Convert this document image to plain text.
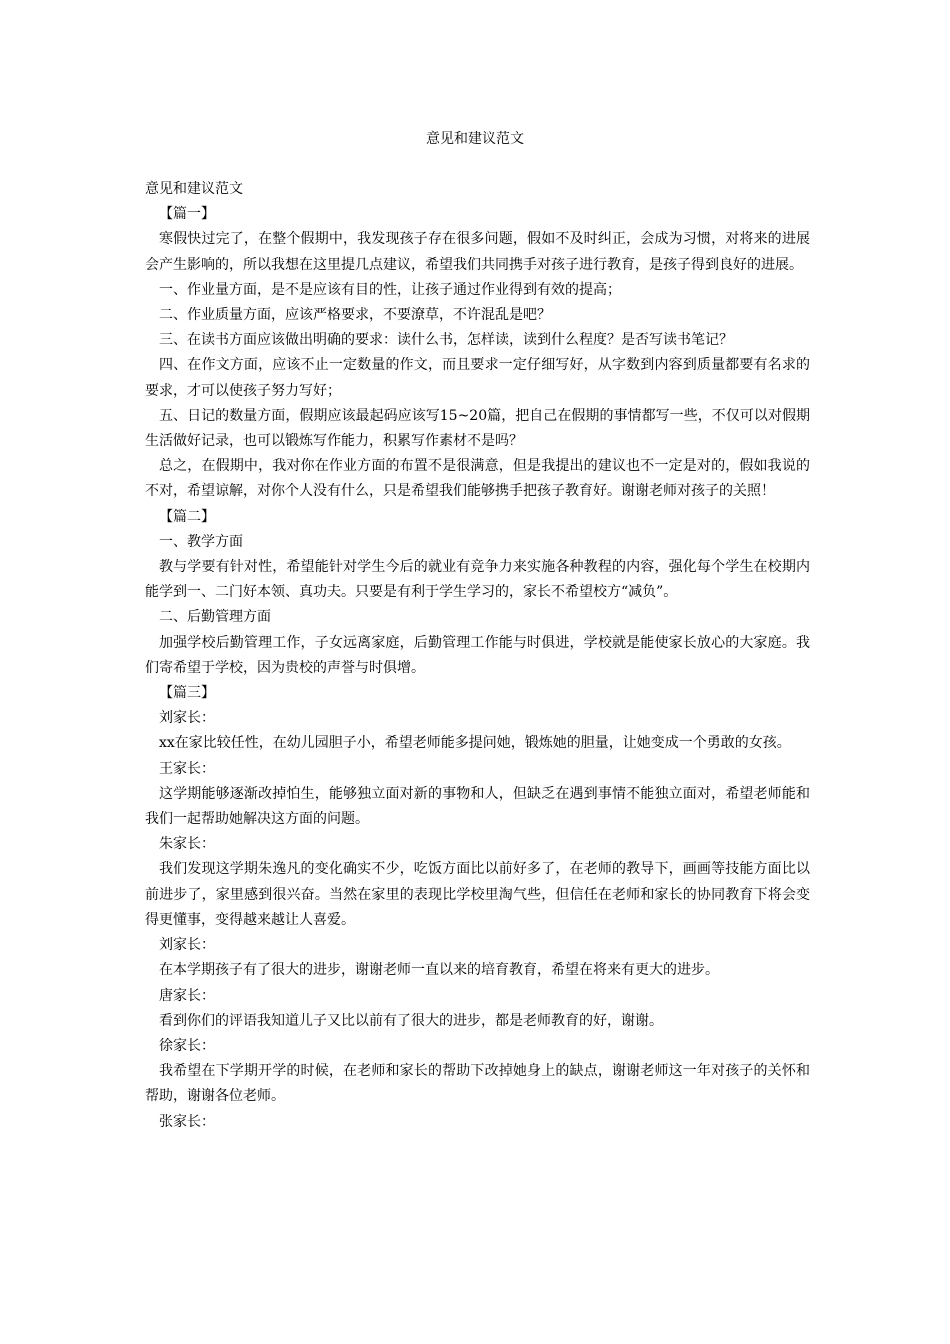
意见和建议范文

意见和建议范文

【篇一】

寒假快过完了，在整个假期中，我发现孩子存在很多问题，假如不及时纠正，会成为习惯，对将来的进展会产生影响的，所以我想在这里提几点建议，希望我们共同携手对孩子进行教育，是孩子得到良好的进展。

一、作业量方面，是不是应该有目的性，让孩子通过作业得到有效的提高；

二、作业质量方面，应该严格要求，不要潦草，不许混乱是吧？

三、在读书方面应该做出明确的要求：读什么书，怎样读，读到什么程度？是否写读书笔记？

四、在作文方面，应该不止一定数量的作文，而且要求一定仔细写好，从字数到内容到质量都要有名求的要求，才可以使孩子努力写好；

五、日记的数量方面，假期应该最起码应该写15~20篇，把自己在假期的事情都写一些，不仅可以对假期生活做好记录，也可以锻炼写作能力，积累写作素材不是吗？

总之，在假期中，我对你在作业方面的布置不是很满意，但是我提出的建议也不一定是对的，假如我说的不对，希望谅解，对你个人没有什么，只是希望我们能够携手把孩子教育好。谢谢老师对孩子的关照！

【篇二】

一、教学方面

教与学要有针对性，希望能针对学生今后的就业有竞争力来实施各种教程的内容，强化每个学生在校期内能学到一、二门好本领、真功夫。只要是有利于学生学习的，家长不希望校方“减负”。

二、后勤管理方面

加强学校后勤管理工作，子女远离家庭，后勤管理工作能与时俱进，学校就是能使家长放心的大家庭。我们寄希望于学校，因为贵校的声誉与时俱增。

【篇三】

刘家长：

xx在家比较任性，在幼儿园胆子小，希望老师能多提问她，锻炼她的胆量，让她变成一个勇敢的女孩。

王家长：

这学期能够逐渐改掉怕生，能够独立面对新的事物和人，但缺乏在遇到事情不能独立面对，希望老师能和我们一起帮助她解决这方面的问题。

朱家长：

我们发现这学期朱逸凡的变化确实不少，吃饭方面比以前好多了，在老师的教导下，画画等技能方面比以前进步了，家里感到很兴奋。当然在家里的表现比学校里淘气些，但信任在老师和家长的协同教育下将会变得更懂事，变得越来越让人喜爱。

刘家长：

在本学期孩子有了很大的进步，谢谢老师一直以来的培育教育，希望在将来有更大的进步。

唐家长：

看到你们的评语我知道儿子又比以前有了很大的进步，都是老师教育的好，谢谢。

徐家长：

我希望在下学期开学的时候，在老师和家长的帮助下改掉她身上的缺点，谢谢老师这一年对孩子的关怀和帮助，谢谢各位老师。

张家长：
